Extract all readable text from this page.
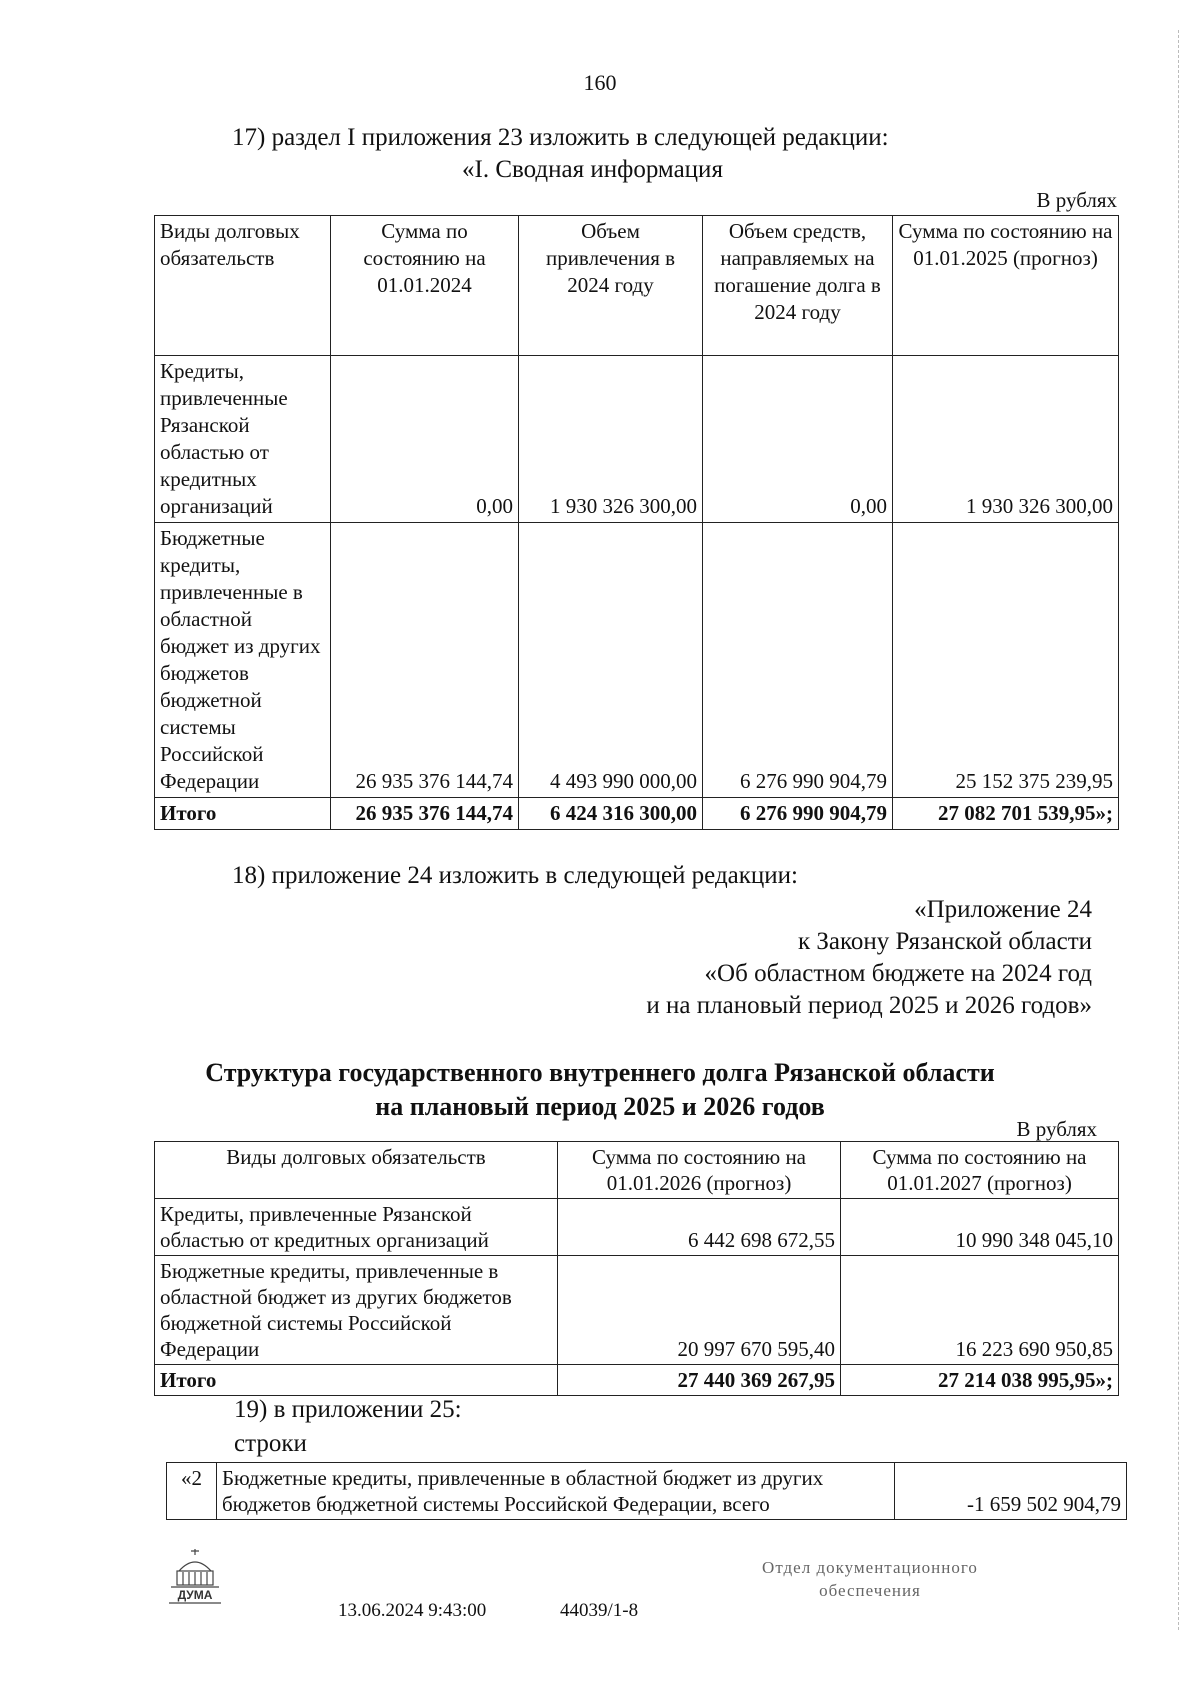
160
17) раздел I приложения 23 изложить в следующей редакции:
«I. Сводная информация
В рублях
Виды долговых обязательств	Сумма по состоянию на 01.01.2024	Объем привлечения в 2024 году	Объем средств, направляемых на погашение долга в 2024 году	Сумма по состоянию на 01.01.2025 (прогноз)
Кредиты, привлеченные Рязанской областью от кредитных организаций	0,00	1 930 326 300,00	0,00	1 930 326 300,00
Бюджетные кредиты, привлеченные в областной бюджет из других бюджетов бюджетной системы Российской Федерации	26 935 376 144,74	4 493 990 000,00	6 276 990 904,79	25 152 375 239,95
Итого	26 935 376 144,74	6 424 316 300,00	6 276 990 904,79	27 082 701 539,95»;
18) приложение 24 изложить в следующей редакции:
«Приложение 24
к Закону Рязанской области
«Об областном бюджете на 2024 год
и на плановый период 2025 и 2026 годов»
Структура государственного внутреннего долга Рязанской области
на плановый период 2025 и 2026 годов
В рублях
Виды долговых обязательств	Сумма по состоянию на 01.01.2026 (прогноз)	Сумма по состоянию на 01.01.2027 (прогноз)
Кредиты, привлеченные Рязанской областью от кредитных организаций	6 442 698 672,55	10 990 348 045,10
Бюджетные кредиты, привлеченные в областной бюджет из других бюджетов бюджетной системы Российской Федерации	20 997 670 595,40	16 223 690 950,85
Итого	27 440 369 267,95	27 214 038 995,95»;
19) в приложении 25:
строки
«2	Бюджетные кредиты, привлеченные в областной бюджет из других бюджетов бюджетной системы Российской Федерации, всего	-1 659 502 904,79
ДУМА
13.06.2024 9:43:00	44039/1-8
Отдел документационного
обеспечения
